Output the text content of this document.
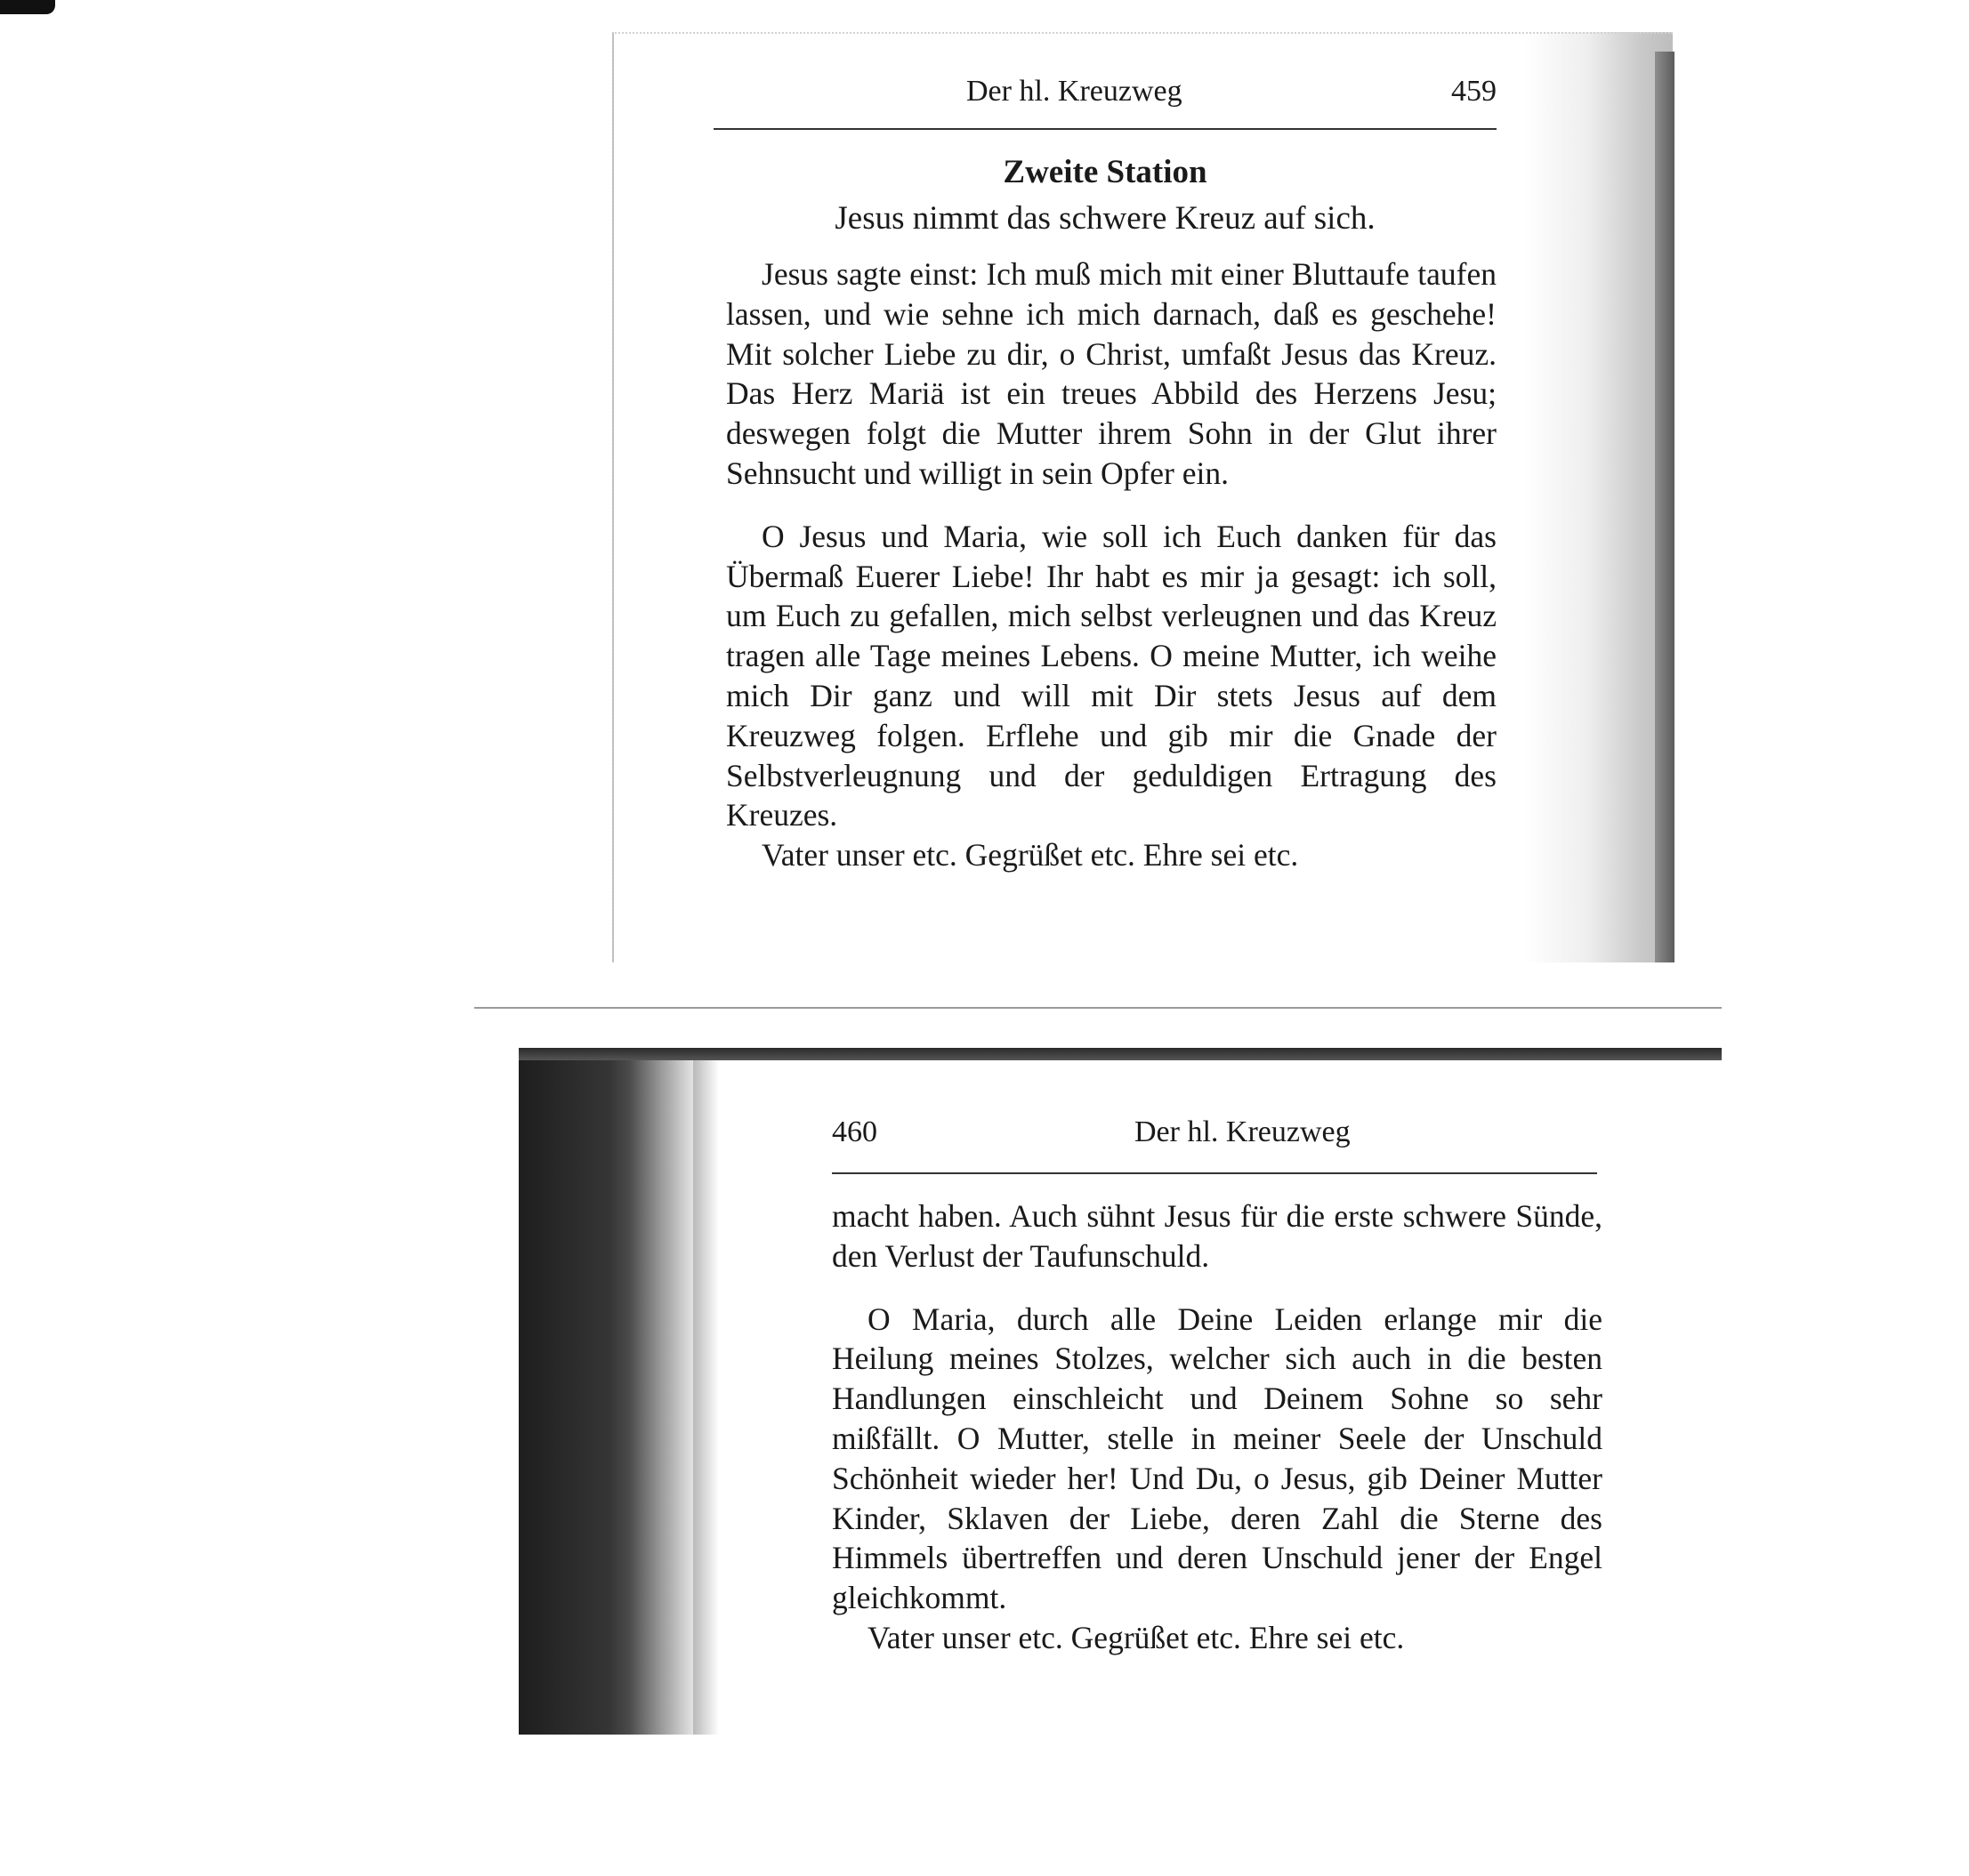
Der hl. Kreuzweg	459
Zweite Station
Jesus nimmt das schwere Kreuz auf sich.

Jesus sagte einst: Ich muß mich mit einer Bluttaufe taufen lassen, und wie sehne ich mich darnach, daß es geschehe! Mit solcher Liebe zu dir, o Christ, umfaßt Jesus das Kreuz. Das Herz Mariä ist ein treues Abbild des Herzens Jesu; deswegen folgt die Mutter ihrem Sohn in der Glut ihrer Sehnsucht und willigt in sein Opfer ein.

O Jesus und Maria, wie soll ich Euch danken für das Übermaß Euerer Liebe! Ihr habt es mir ja gesagt: ich soll, um Euch zu gefallen, mich selbst verleugnen und das Kreuz tragen alle Tage meines Lebens. O meine Mutter, ich weihe mich Dir ganz und will mit Dir stets Jesus auf dem Kreuzweg folgen. Erflehe und gib mir die Gnade der Selbstverleugnung und der geduldigen Ertragung des Kreuzes.

Vater unser etc. Gegrüßet etc. Ehre sei etc.

460	Der hl. Kreuzweg

macht haben. Auch sühnt Jesus für die erste schwere Sünde, den Verlust der Taufunschuld.

O Maria, durch alle Deine Leiden erlange mir die Heilung meines Stolzes, welcher sich auch in die besten Handlungen einschleicht und Deinem Sohne so sehr mißfällt. O Mutter, stelle in meiner Seele der Unschuld Schönheit wieder her! Und Du, o Jesus, gib Deiner Mutter Kinder, Sklaven der Liebe, deren Zahl die Sterne des Himmels übertreffen und deren Unschuld jener der Engel gleichkommt.

Vater unser etc. Gegrüßet etc. Ehre sei etc.
